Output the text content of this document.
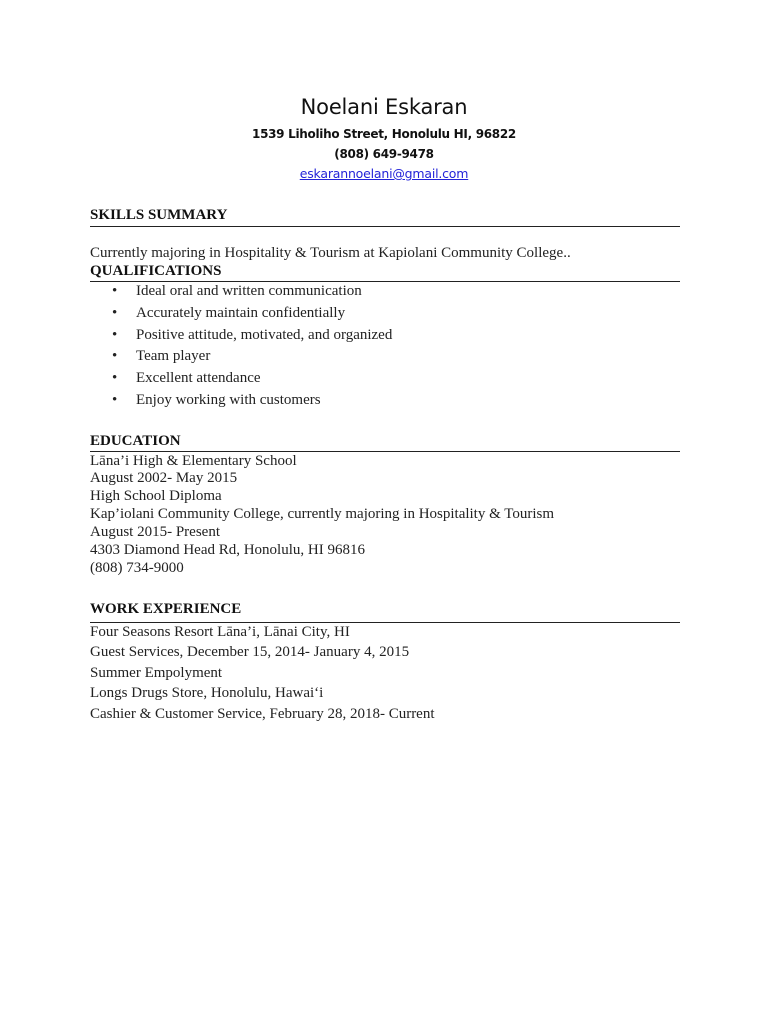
Noelani Eskaran
1539 Liholiho Street, Honolulu HI, 96822
(808) 649-9478
eskarannoelani@gmail.com
SKILLS SUMMARY
Currently majoring in Hospitality & Tourism at Kapiolani Community College..
QUALIFICATIONS
• Ideal oral and written communication
• Accurately maintain confidentially
• Positive attitude, motivated, and organized
• Team player
• Excellent attendance
• Enjoy working with customers
EDUCATION
Lāna’i High & Elementary School
August 2002- May 2015
High School Diploma
Kap’iolani Community College, currently majoring in Hospitality & Tourism
August 2015- Present
4303 Diamond Head Rd, Honolulu, HI 96816
(808) 734-9000
WORK EXPERIENCE
Four Seasons Resort Lāna’i, Lānai City, HI
Guest Services, December 15, 2014- January 4, 2015
Summer Empolyment
Longs Drugs Store, Honolulu, Hawai‘i
Cashier & Customer Service, February 28, 2018- Current
